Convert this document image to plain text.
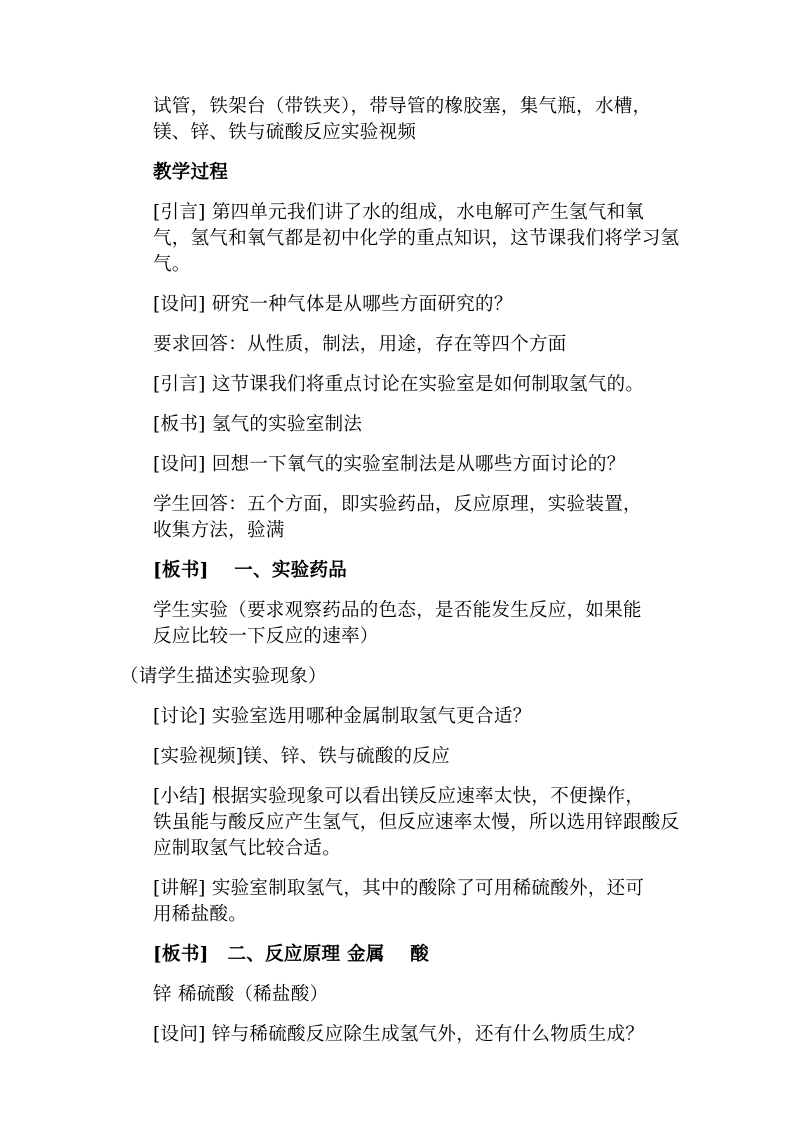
试管，铁架台（带铁夹），带导管的橡胶塞，集气瓶，水槽，
镁、锌、铁与硫酸反应实验视频

教学过程

[引言] 第四单元我们讲了水的组成，水电解可产生氢气和氧
气，氢气和氧气都是初中化学的重点知识，这节课我们将学习氢
气。

[设问] 研究一种气体是从哪些方面研究的？

要求回答：从性质，制法，用途，存在等四个方面

[引言] 这节课我们将重点讨论在实验室是如何制取氢气的。

[板书] 氢气的实验室制法

[设问] 回想一下氧气的实验室制法是从哪些方面讨论的？

学生回答：五个方面，即实验药品，反应原理，实验装置，
收集方法，验满

[板书]　 一、实验药品

学生实验（要求观察药品的色态，是否能发生反应，如果能
反应比较一下反应的速率）

（请学生描述实验现象）

[讨论] 实验室选用哪种金属制取氢气更合适？

[实验视频]镁、锌、铁与硫酸的反应

[小结] 根据实验现象可以看出镁反应速率太快，不便操作，
铁虽能与酸反应产生氢气，但反应速率太慢，所以选用锌跟酸反
应制取氢气比较合适。

[讲解] 实验室制取氢气，其中的酸除了可用稀硫酸外，还可
用稀盐酸。

[板书]　二、反应原理 金属　 酸

锌 稀硫酸（稀盐酸）

[设问] 锌与稀硫酸反应除生成氢气外，还有什么物质生成？
